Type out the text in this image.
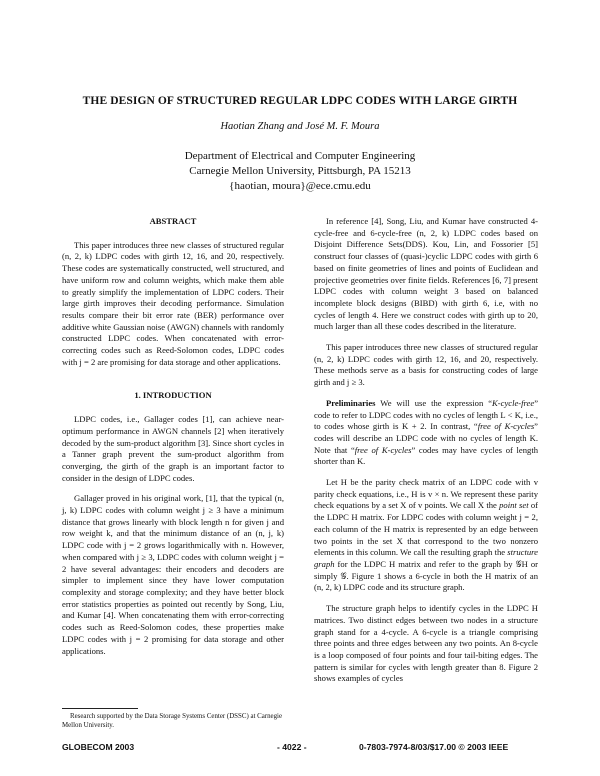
THE DESIGN OF STRUCTURED REGULAR LDPC CODES WITH LARGE GIRTH
Haotian Zhang and José M. F. Moura
Department of Electrical and Computer Engineering
Carnegie Mellon University, Pittsburgh, PA 15213
{haotian, moura}@ece.cmu.edu
ABSTRACT

This paper introduces three new classes of structured regular (n, 2, k) LDPC codes with girth 12, 16, and 20, respectively. These codes are systematically constructed, well structured, and have uniform row and column weights, which make them able to greatly simplify the implementation of LDPC coders. Their large girth improves their decoding performance. Simulation results compare their bit error rate (BER) performance over additive white Gaussian noise (AWGN) channels with randomly constructed LDPC codes. When concatenated with error-correcting codes such as Reed-Solomon codes, LDPC codes with j = 2 are promising for data storage and other applications.

1. INTRODUCTION

LDPC codes, i.e., Gallager codes [1], can achieve near-optimum performance in AWGN channels [2] when iteratively decoded by the sum-product algorithm [3]. Since short cycles in a Tanner graph prevent the sum-product algorithm from converging, the girth of the graph is an important factor to consider in the design of LDPC codes.

Gallager proved in his original work, [1], that the typical (n, j, k) LDPC codes with column weight j ≥ 3 have a minimum distance that grows linearly with block length n for given j and row weight k, and that the minimum distance of an (n, j, k) LDPC code with j = 2 grows logarithmically with n. However, when compared with j ≥ 3, LDPC codes with column weight j = 2 have several advantages: their encoders and decoders are simpler to implement since they have lower computation complexity and storage complexity; and they have better block error statistics properties as pointed out recently by Song, Liu, and Kumar [4]. When concatenating them with error-correcting codes such as Reed-Solomon codes, these properties make LDPC codes with j = 2 promising for data storage and other applications.

In reference [4], Song, Liu, and Kumar have constructed 4-cycle-free and 6-cycle-free (n, 2, k) LDPC codes based on Disjoint Difference Sets(DDS). Kou, Lin, and Fossorier [5] construct four classes of (quasi-)cyclic LDPC codes with girth 6 based on finite geometries of lines and points of Euclidean and projective geometries over finite fields. References [6, 7] present LDPC codes with column weight 3 based on balanced incomplete block designs (BIBD) with girth 6, i.e, with no cycles of length 4. Here we construct codes with girth up to 20, much larger than all these codes described in the literature.

This paper introduces three new classes of structured regular (n, 2, k) LDPC codes with girth 12, 16, and 20, respectively. These methods serve as a basis for constructing codes of large girth and j ≥ 3.

Preliminaries We will use the expression “K-cycle-free” code to refer to LDPC codes with no cycles of length L < K, i.e., to codes whose girth is K + 2. In contrast, “free of K-cycles” codes will describe an LDPC code with no cycles of length K. Note that “free of K-cycles” codes may have cycles of length shorter than K.

Let H be the parity check matrix of an LDPC code with v parity check equations, i.e., H is v × n. We represent these parity check equations by a set X of v points. We call X the point set of the LDPC H matrix. For LDPC codes with column weight j = 2, each column of the H matrix is represented by an edge between two points in the set X that correspond to the two nonzero elements in this column. We call the resulting graph the structure graph for the LDPC H matrix and refer to the graph by 𝒢H or simply 𝒢. Figure 1 shows a 6-cycle in both the H matrix of an (n, 2, k) LDPC code and its structure graph.

The structure graph helps to identify cycles in the LDPC H matrices. Two distinct edges between two nodes in a structure graph stand for a 4-cycle. A 6-cycle is a triangle comprising three points and three edges between any two points. An 8-cycle is a loop composed of four points and four tail-biting edges. The pattern is similar for cycles with length greater than 8. Figure 2 shows examples of cycles

Research supported by the Data Storage Systems Center (DSSC) at Carnegie Mellon University.
GLOBECOM 2003	- 4022 -	0-7803-7974-8/03/$17.00 © 2003 IEEE
